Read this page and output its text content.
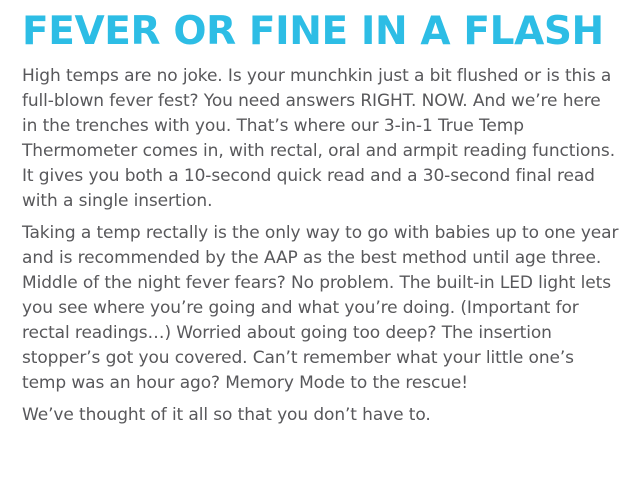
FEVER OR FINE IN A FLASH

High temps are no joke. Is your munchkin just a bit flushed or is this a full-blown fever fest? You need answers RIGHT. NOW. And we’re here in the trenches with you. That’s where our 3-in-1 True Temp Thermometer comes in, with rectal, oral and armpit reading functions. It gives you both a 10-second quick read and a 30-second final read with a single insertion.

Taking a temp rectally is the only way to go with babies up to one year and is recommended by the AAP as the best method until age three. Middle of the night fever fears? No problem. The built-in LED light lets you see where you’re going and what you’re doing. (Important for rectal readings…) Worried about going too deep? The insertion stopper’s got you covered. Can’t remember what your little one’s temp was an hour ago? Memory Mode to the rescue!

We’ve thought of it all so that you don’t have to.
